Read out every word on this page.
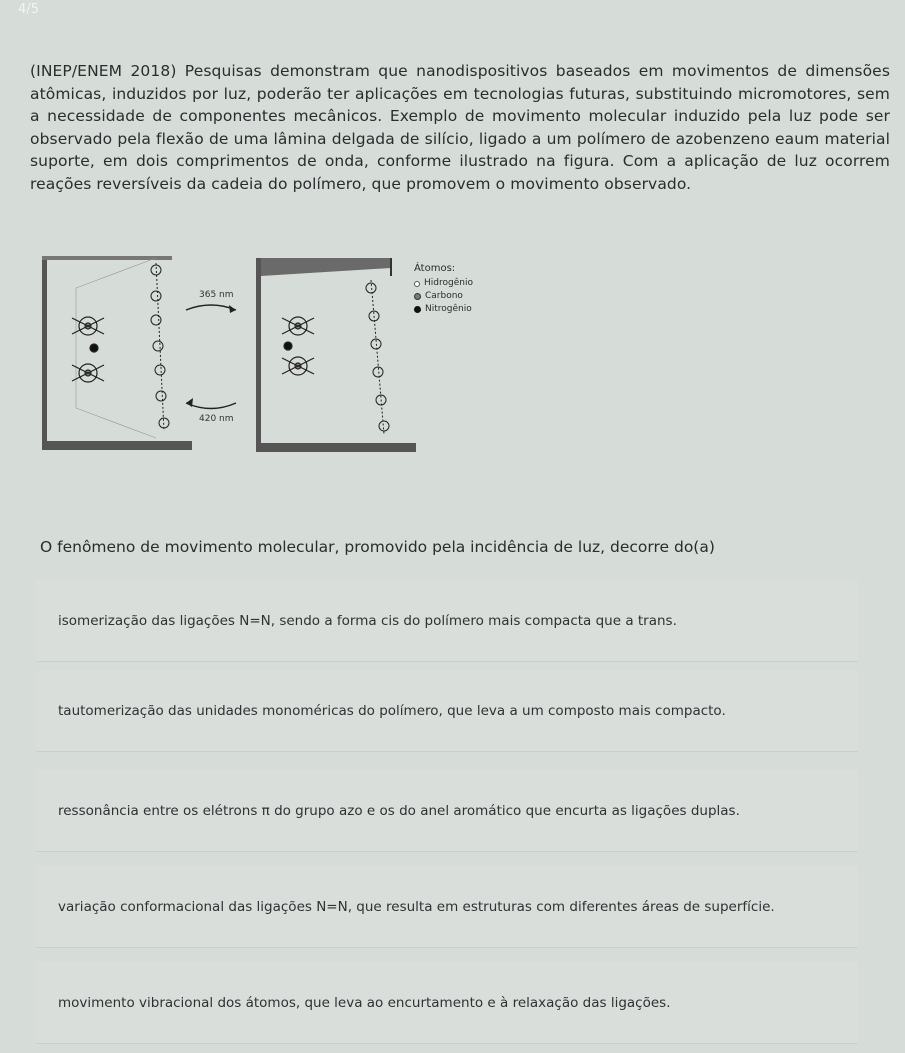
4/5
(INEP/ENEM 2018) Pesquisas demonstram que nanodispositivos baseados em movimentos de dimensões atômicas, induzidos por luz, poderão ter aplicações em tecnologias futuras, substituindo micromotores, sem a necessidade de componentes mecânicos. Exemplo de movimento molecular induzido pela luz pode ser observado pela flexão de uma lâmina delgada de silício, ligado a um polímero de azobenzeno eaum material suporte, em dois comprimentos de onda, conforme ilustrado na figura. Com a aplicação de luz ocorrem reações reversíveis da cadeia do polímero, que promovem o movimento observado.
365 nm
420 nm
Átomos:
Hidrogênio
Carbono
Nitrogênio
O fenômeno de movimento molecular, promovido pela incidência de luz, decorre do(a)
isomerização das ligações N=N, sendo a forma cis do polímero mais compacta que a trans.
tautomerização das unidades monoméricas do polímero, que leva a um composto mais compacto.
ressonância entre os elétrons π do grupo azo e os do anel aromático que encurta as ligações duplas.
variação conformacional das ligações N=N, que resulta em estruturas com diferentes áreas de superfície.
movimento vibracional dos átomos, que leva ao encurtamento e à relaxação das ligações.
